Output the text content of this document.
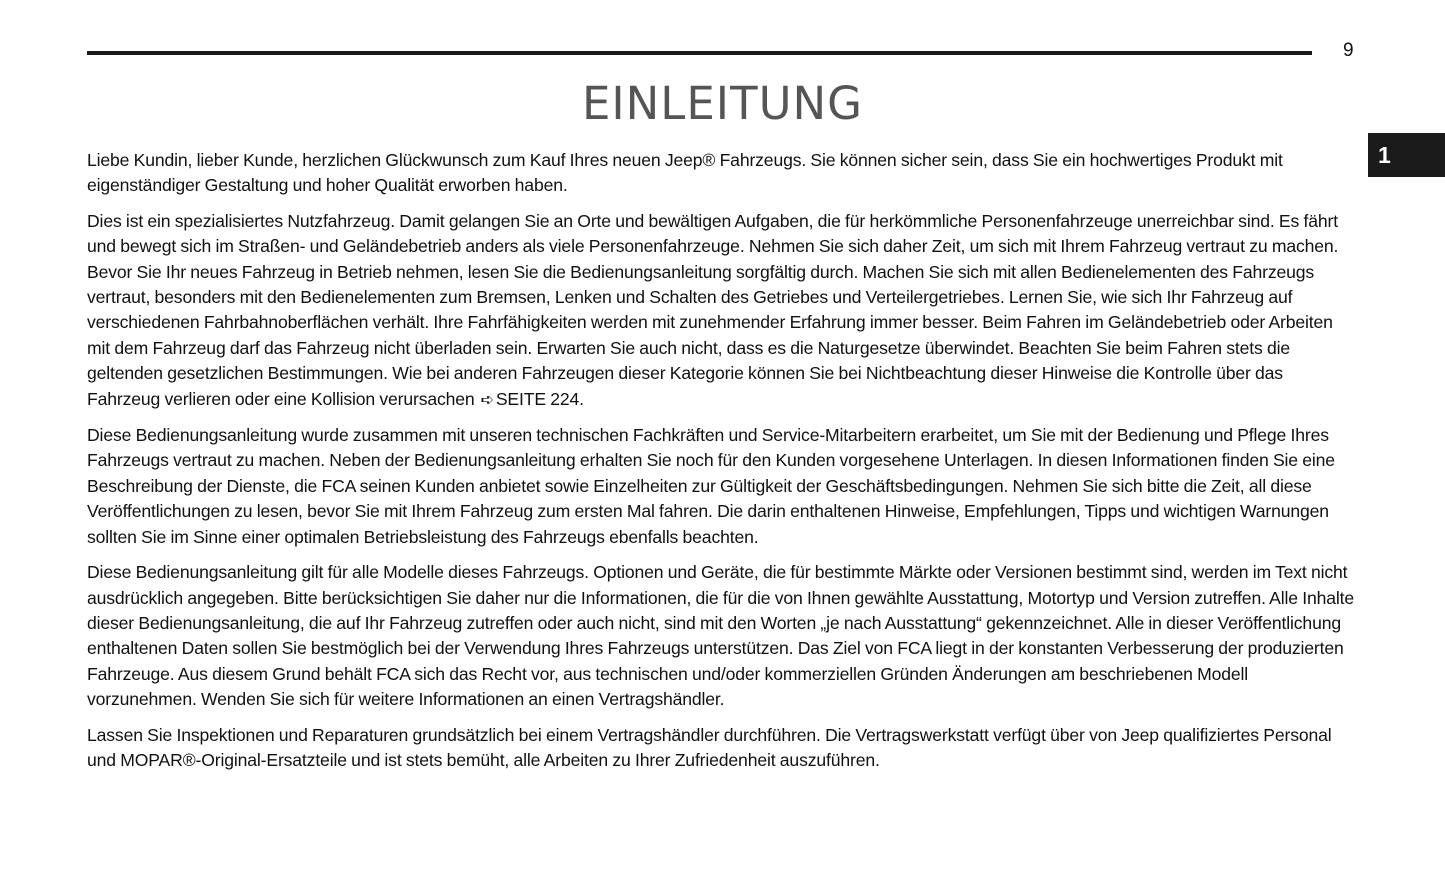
9
1
EINLEITUNG

Liebe Kundin, lieber Kunde, herzlichen Glückwunsch zum Kauf Ihres neuen Jeep® Fahrzeugs. Sie können sicher sein, dass Sie ein hochwertiges Produkt mit eigenständiger Gestaltung und hoher Qualität erworben haben.

Dies ist ein spezialisiertes Nutzfahrzeug. Damit gelangen Sie an Orte und bewältigen Aufgaben, die für herkömmliche Personenfahrzeuge unerreichbar sind. Es fährt und bewegt sich im Straßen- und Geländebetrieb anders als viele Personenfahrzeuge. Nehmen Sie sich daher Zeit, um sich mit Ihrem Fahrzeug vertraut zu machen. Bevor Sie Ihr neues Fahrzeug in Betrieb nehmen, lesen Sie die Bedienungsanleitung sorgfältig durch. Machen Sie sich mit allen Bedienelementen des Fahrzeugs vertraut, besonders mit den Bedienelementen zum Bremsen, Lenken und Schalten des Getriebes und Verteilergetriebes. Lernen Sie, wie sich Ihr Fahrzeug auf verschiedenen Fahrbahnoberflächen verhält. Ihre Fahrfähigkeiten werden mit zunehmender Erfahrung immer besser. Beim Fahren im Geländebetrieb oder Arbeiten mit dem Fahrzeug darf das Fahrzeug nicht überladen sein. Erwarten Sie auch nicht, dass es die Naturgesetze überwindet. Beachten Sie beim Fahren stets die geltenden gesetzlichen Bestimmungen. Wie bei anderen Fahrzeugen dieser Kategorie können Sie bei Nichtbeachtung dieser Hinweise die Kontrolle über das Fahrzeug verlieren oder eine Kollision verursachen ➪ SEITE 224.

Diese Bedienungsanleitung wurde zusammen mit unseren technischen Fachkräften und Service-Mitarbeitern erarbeitet, um Sie mit der Bedienung und Pflege Ihres Fahrzeugs vertraut zu machen. Neben der Bedienungsanleitung erhalten Sie noch für den Kunden vorgesehene Unterlagen. In diesen Informationen finden Sie eine Beschreibung der Dienste, die FCA seinen Kunden anbietet sowie Einzelheiten zur Gültigkeit der Geschäftsbedingungen. Nehmen Sie sich bitte die Zeit, all diese Veröffentlichungen zu lesen, bevor Sie mit Ihrem Fahrzeug zum ersten Mal fahren. Die darin enthaltenen Hinweise, Empfehlungen, Tipps und wichtigen Warnungen sollten Sie im Sinne einer optimalen Betriebsleistung des Fahrzeugs ebenfalls beachten.

Diese Bedienungsanleitung gilt für alle Modelle dieses Fahrzeugs. Optionen und Geräte, die für bestimmte Märkte oder Versionen bestimmt sind, werden im Text nicht ausdrücklich angegeben. Bitte berücksichtigen Sie daher nur die Informationen, die für die von Ihnen gewählte Ausstattung, Motortyp und Version zutreffen. Alle Inhalte dieser Bedienungsanleitung, die auf Ihr Fahrzeug zutreffen oder auch nicht, sind mit den Worten „je nach Ausstattung“ gekennzeichnet. Alle in dieser Veröffentlichung enthaltenen Daten sollen Sie bestmöglich bei der Verwendung Ihres Fahrzeugs unterstützen. Das Ziel von FCA liegt in der konstanten Verbesserung der produzierten Fahrzeuge. Aus diesem Grund behält FCA sich das Recht vor, aus technischen und/oder kommerziellen Gründen Änderungen am beschriebenen Modell vorzunehmen. Wenden Sie sich für weitere Informationen an einen Vertragshändler.

Lassen Sie Inspektionen und Reparaturen grundsätzlich bei einem Vertragshändler durchführen. Die Vertragswerkstatt verfügt über von Jeep qualifiziertes Personal und MOPAR®-Original-Ersatzteile und ist stets bemüht, alle Arbeiten zu Ihrer Zufriedenheit auszuführen.
